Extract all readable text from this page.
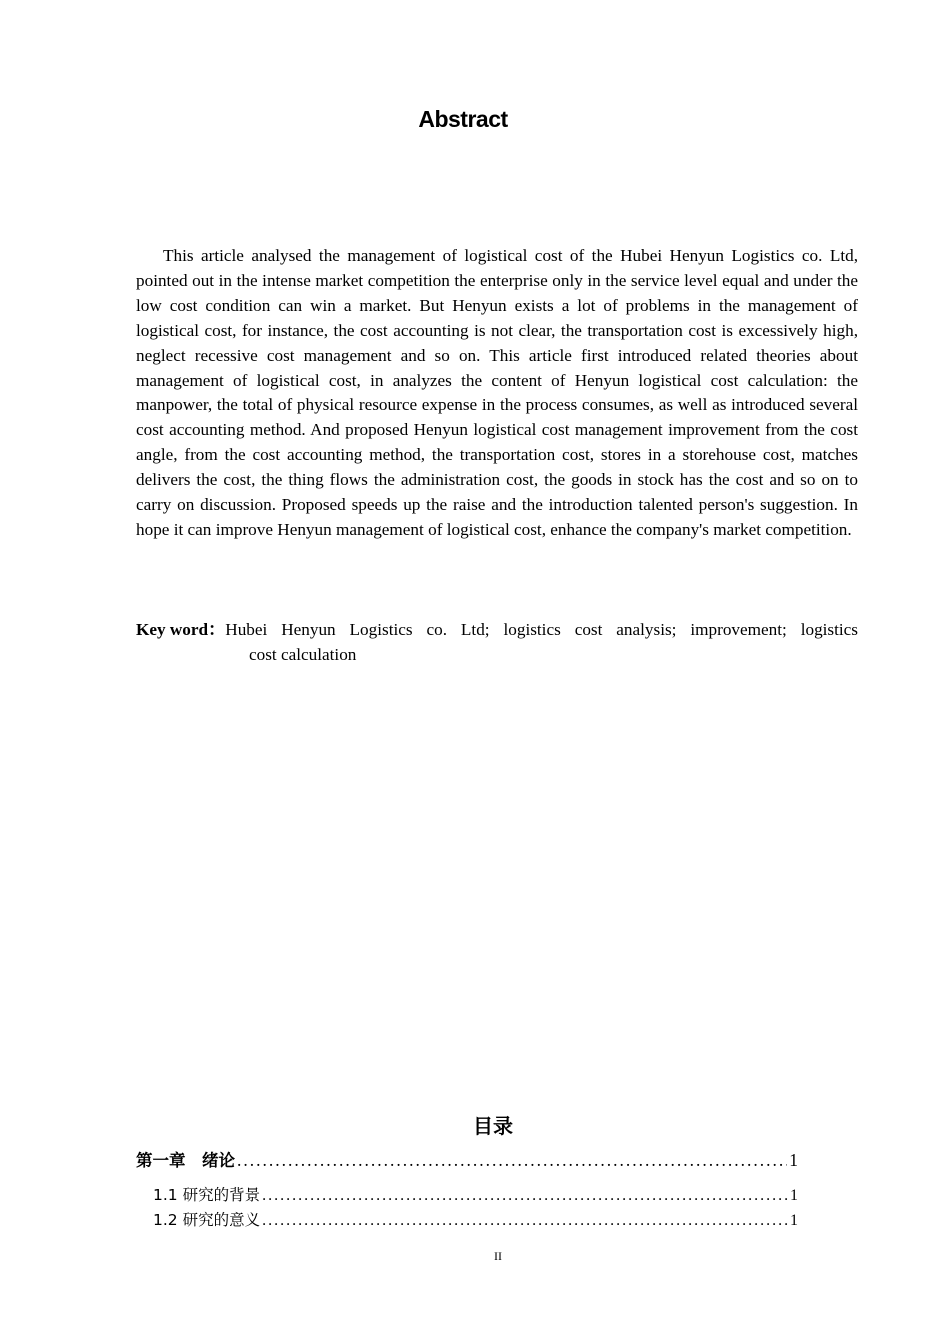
Abstract

This article analysed the management of logistical cost of the Hubei Henyun Logistics co. Ltd, pointed out in the intense market competition the enterprise only in the service level equal and under the low cost condition can win a market. But Henyun exists a lot of problems in the management of logistical cost, for instance, the cost accounting is not clear, the transportation cost is excessively high, neglect recessive cost management and so on. This article first introduced related theories about management of logistical cost, in analyzes the content of Henyun logistical cost calculation: the manpower, the total of physical resource expense in the process consumes, as well as introduced several cost accounting method. And proposed Henyun logistical cost management improvement from the cost angle, from the cost accounting method, the transportation cost, stores in a storehouse cost, matches delivers the cost, the thing flows the administration cost, the goods in stock has the cost and so on to carry on discussion. Proposed speeds up the raise and the introduction talented person's suggestion. In hope it can improve Henyun management of logistical cost, enhance the company's market competition.

Key word ： Hubei Henyun Logistics co. Ltd; logistics cost analysis; improvement; logistics
cost calculation
目录
第一章　绪论 .....	1
1.1 研究的背景 .....	1
1.2 研究的意义 .....	1
II
